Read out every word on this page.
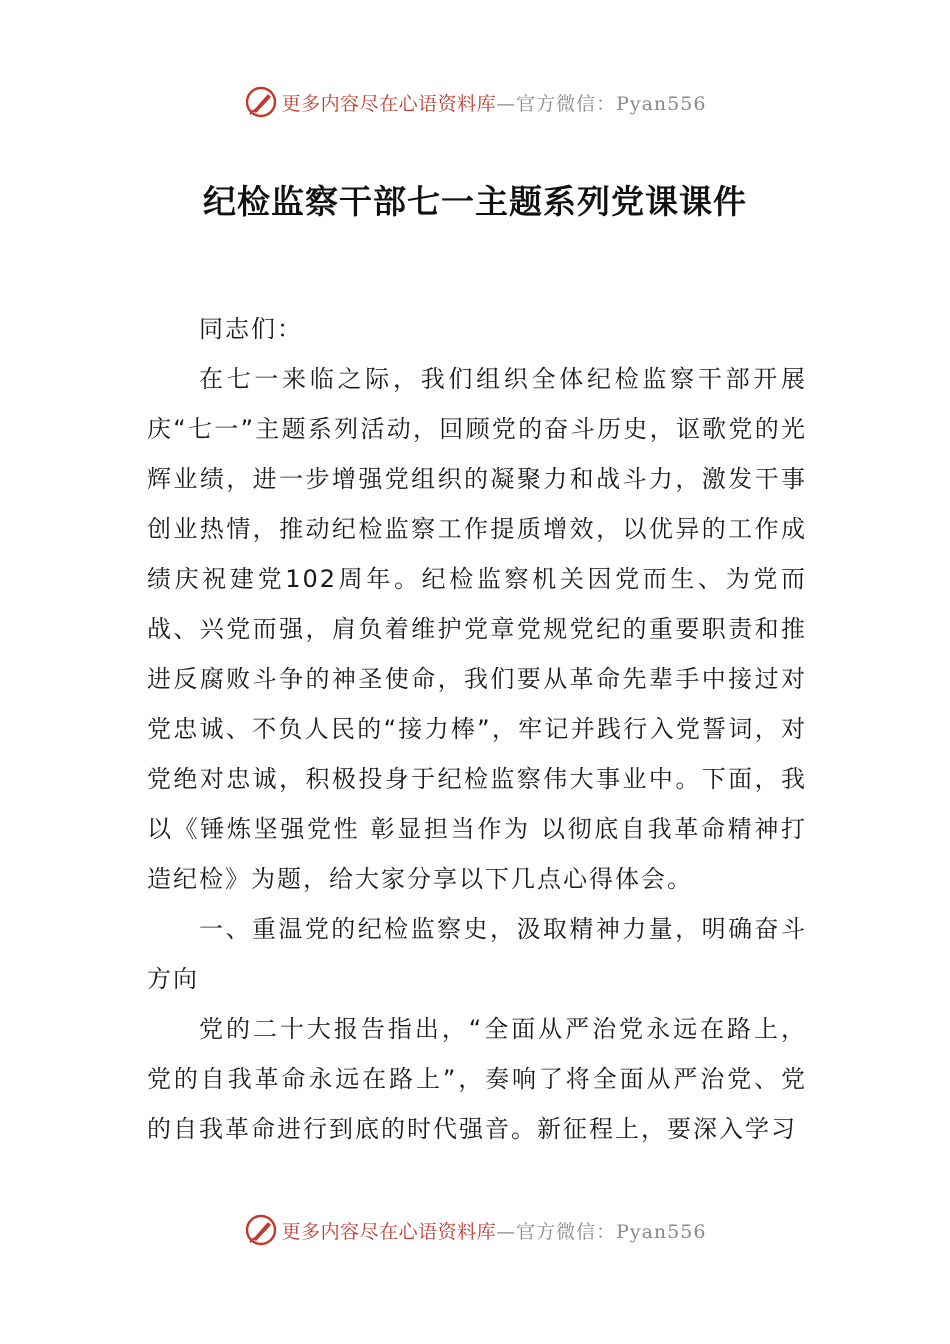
更多内容尽在心语资料库—官方微信：Pyan556
纪检监察干部七一主题系列党课课件

同志们：

在七一来临之际，我们组织全体纪检监察干部开展庆“七一”主题系列活动，回顾党的奋斗历史，讴歌党的光辉业绩，进一步增强党组织的凝聚力和战斗力，激发干事创业热情，推动纪检监察工作提质增效，以优异的工作成绩庆祝建党102周年。纪检监察机关因党而生、为党而战、兴党而强，肩负着维护党章党规党纪的重要职责和推进反腐败斗争的神圣使命，我们要从革命先辈手中接过对党忠诚、不负人民的“接力棒”，牢记并践行入党誓词，对党绝对忠诚，积极投身于纪检监察伟大事业中。下面，我以《锤炼坚强党性 彰显担当作为 以彻底自我革命精神打造纪检》为题，给大家分享以下几点心得体会。

一、重温党的纪检监察史，汲取精神力量，明确奋斗方向

党的二十大报告指出，“全面从严治党永远在路上，党的自我革命永远在路上”，奏响了将全面从严治党、党的自我革命进行到底的时代强音。新征程上，要深入学习

更多内容尽在心语资料库—官方微信：Pyan556
